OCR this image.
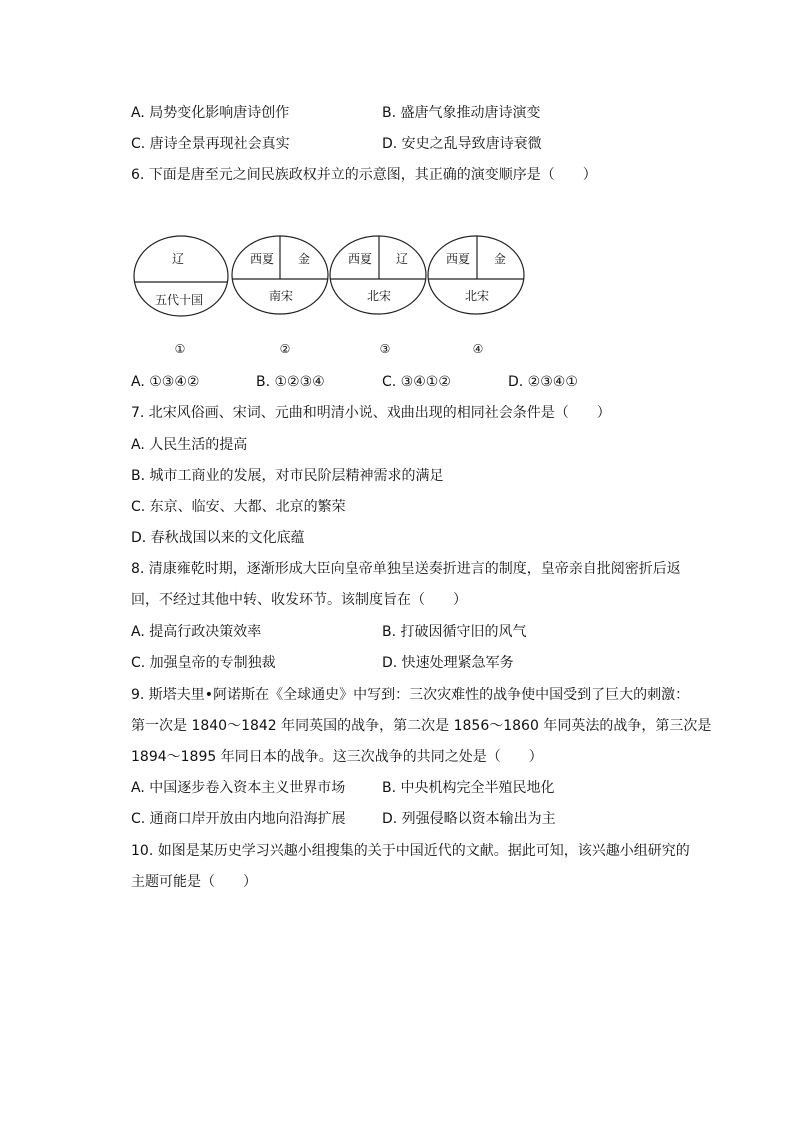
A. 局势变化影响唐诗创作	B. 盛唐气象推动唐诗演变
C. 唐诗全景再现社会真实	D. 安史之乱导致唐诗衰微
6. 下面是唐至元之间民族政权并立的示意图，其正确的演变顺序是（　　）
辽
五代十国
西夏 金
南宋
西夏 辽
北宋
西夏 金
北宋
①	②	③	④
A. ①③④②	B. ①②③④	C. ③④①②	D. ②③④①
7. 北宋风俗画、宋词、元曲和明清小说、戏曲出现的相同社会条件是（　　）
A. 人民生活的提高
B. 城市工商业的发展，对市民阶层精神需求的满足
C. 东京、临安、大都、北京的繁荣
D. 春秋战国以来的文化底蕴
8. 清康雍乾时期，逐渐形成大臣向皇帝单独呈送奏折进言的制度，皇帝亲自批阅密折后返
回，不经过其他中转、收发环节。该制度旨在（　　）
A. 提高行政决策效率	B. 打破因循守旧的风气
C. 加强皇帝的专制独裁	D. 快速处理紧急军务
9. 斯塔夫里•阿诺斯在《全球通史》中写到：三次灾难性的战争使中国受到了巨大的刺激：
第一次是 1840～1842 年同英国的战争，第二次是 1856～1860 年同英法的战争，第三次是
1894～1895 年同日本的战争。这三次战争的共同之处是（　　）
A. 中国逐步卷入资本主义世界市场	B. 中央机构完全半殖民地化
C. 通商口岸开放由内地向沿海扩展	D. 列强侵略以资本输出为主
10. 如图是某历史学习兴趣小组搜集的关于中国近代的文献。据此可知，该兴趣小组研究的
主题可能是（　　）
